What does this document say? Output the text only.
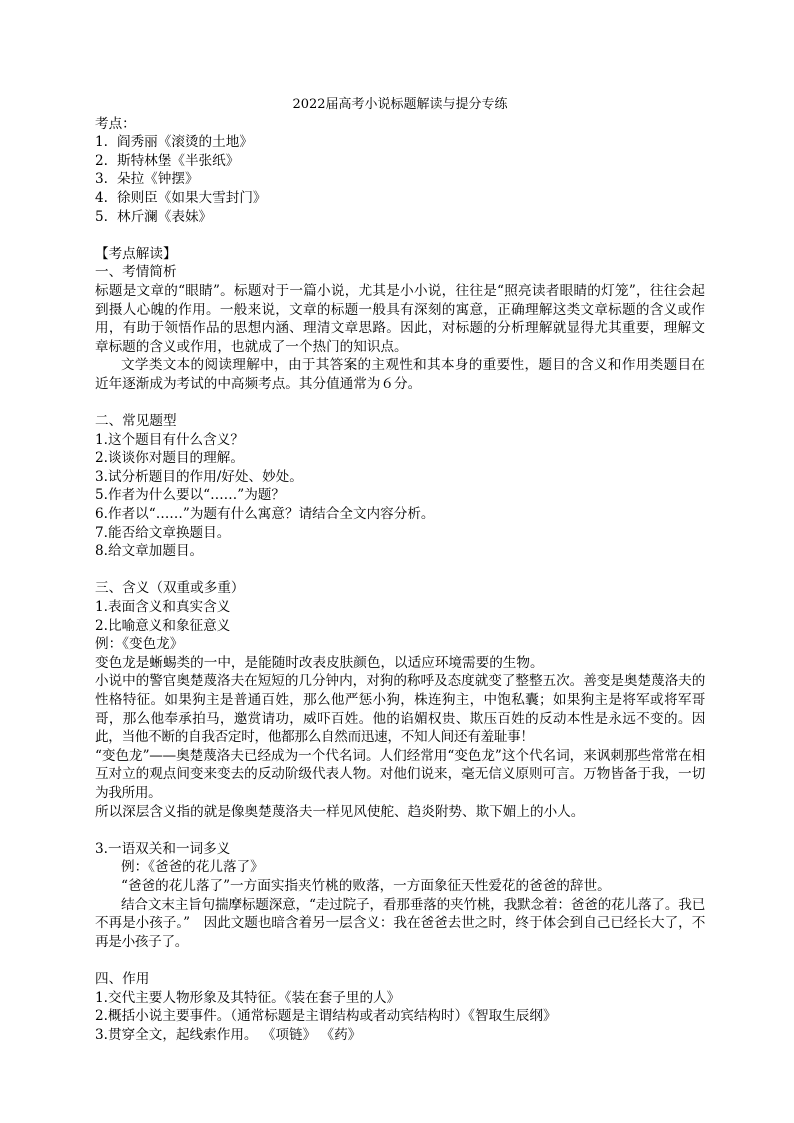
2022届高考小说标题解读与提分专练

考点：

1. 阎秀丽《滚烫的土地》

2. 斯特林堡《半张纸》

3. 朵拉《钟摆》

4. 徐则臣《如果大雪封门》

5. 林斤澜《表妹》

【考点解读】

一、考情简析

标题是文章的“眼睛”。标题对于一篇小说，尤其是小小说，往往是“照亮读者眼睛的灯笼”，往往会起到摄人心魄的作用。一般来说，文章的标题一般具有深刻的寓意，正确理解这类文章标题的含义或作用，有助于领悟作品的思想内涵、理清文章思路。因此，对标题的分析理解就显得尤其重要，理解文章标题的含义或作用，也就成了一个热门的知识点。

文学类文本的阅读理解中，由于其答案的主观性和其本身的重要性，题目的含义和作用类题目在近年逐渐成为考试的中高频考点。其分值通常为６分。

二、常见题型

1.这个题目有什么含义？

2.谈谈你对题目的理解。

3.试分析题目的作用/好处、妙处。

5.作者为什么要以“……”为题？

6.作者以“……”为题有什么寓意？请结合全文内容分析。

7.能否给文章换题目。

8.给文章加题目。

三、含义（双重或多重）

1.表面含义和真实含义

2.比喻意义和象征意义

例：《变色龙》

变色龙是蜥蜴类的一中，是能随时改表皮肤颜色，以适应环境需要的生物。

小说中的警官奥楚蔑洛夫在短短的几分钟内，对狗的称呼及态度就变了整整五次。善变是奥楚蔑洛夫的性格特征。如果狗主是普通百姓，那么他严惩小狗，株连狗主，中饱私囊；如果狗主是将军或将军哥哥，那么他奉承拍马，邀赏请功，威吓百姓。他的谄媚权贵、欺压百姓的反动本性是永远不变的。因此，当他不断的自我否定时，他都那么自然而迅速，不知人间还有羞耻事！

“变色龙”——奥楚蔑洛夫已经成为一个代名词。人们经常用“变色龙”这个代名词，来讽刺那些常常在相互对立的观点间变来变去的反动阶级代表人物。对他们说来，毫无信义原则可言。万物皆备于我，一切为我所用。

所以深层含义指的就是像奥楚蔑洛夫一样见风使舵、趋炎附势、欺下媚上的小人。

3.一语双关和一词多义

例：《爸爸的花儿落了》

“爸爸的花儿落了”一方面实指夹竹桃的败落，一方面象征天性爱花的爸爸的辞世。

结合文末主旨句揣摩标题深意，“走过院子，看那垂落的夹竹桃，我默念着：爸爸的花儿落了。我已不再是小孩子。”　因此文题也暗含着另一层含义：我在爸爸去世之时，终于体会到自己已经长大了，不再是小孩子了。

四、作用

1.交代主要人物形象及其特征。《装在套子里的人》

2.概括小说主要事件。（通常标题是主谓结构或者动宾结构时）《智取生辰纲》

3.贯穿全文，起线索作用。 《项链》 《药》
